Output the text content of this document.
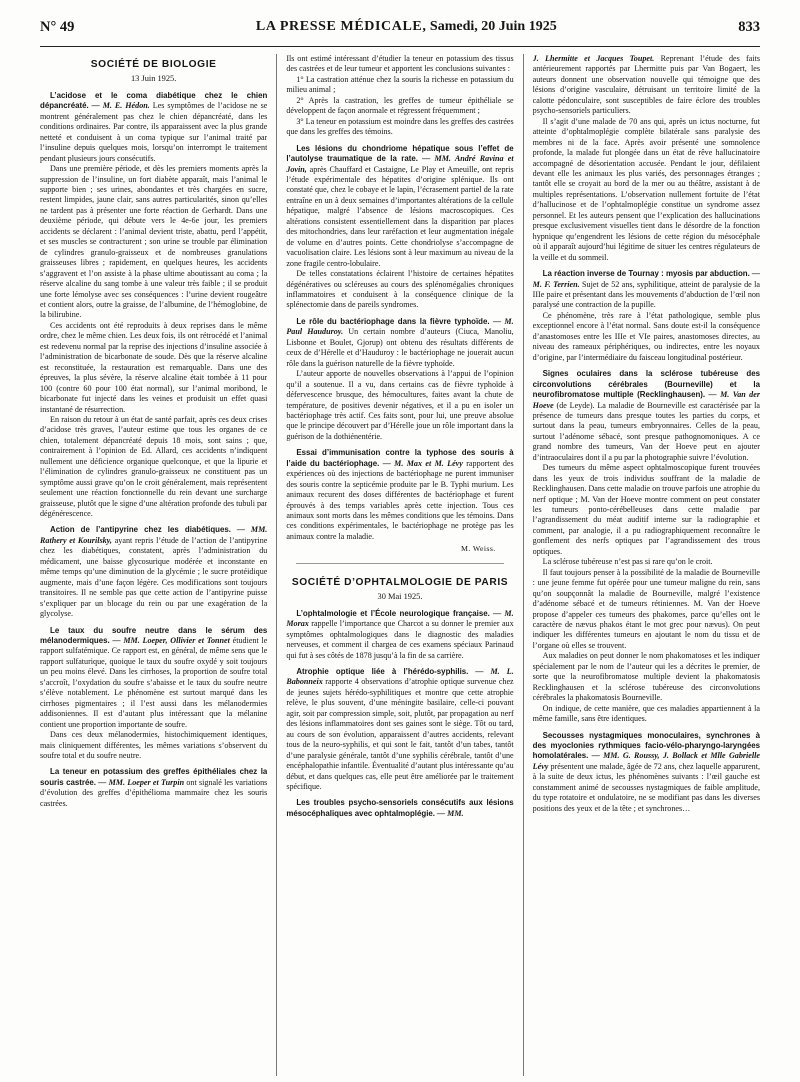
N° 49	LA PRESSE MÉDICALE, Samedi, 20 Juin 1925	833
SOCIÉTÉ DE BIOLOGIE
13 Juin 1925.

L’acidose et le coma diabétique chez le chien dépancréaté. — M. E. Hédon. Les symptômes de l’acidose ne se montrent généralement pas chez le chien dépancréaté, dans les conditions ordinaires. Par contre, ils apparaissent avec la plus grande netteté et conduisent à un coma typique sur l’animal traité par l’insuline depuis quelques mois, lorsqu’on interrompt le traitement pendant plusieurs jours consécutifs.

Dans une première période, et dès les premiers moments après la suppression de l’insuline, un fort diabète apparaît, mais l’animal le supporte bien ; ses urines, abondantes et très chargées en sucre, restent limpides, jaune clair, sans autres particularités, sinon qu’elles ne tardent pas à présenter une forte réaction de Gerhardt. Dans une deuxième période, qui débute vers le 4e-6e jour, les premiers accidents se déclarent : l’animal devient triste, abattu, perd l’appétit, et ses muscles se contracturent ; son urine se trouble par élimination de cylindres granulo-graisseux et de nombreuses granulations graisseuses libres ; rapidement, en quelques heures, les accidents s’aggravent et l’on assiste à la phase ultime aboutissant au coma ; la réserve alcaline du sang tombe à une valeur très faible ; il se produit une forte lémolyse avec ses conséquences : l’urine devient rougeâtre et contient alors, outre la graisse, de l’albumine, de l’hémoglobine, de la bilirubine.

Ces accidents ont été reproduits à deux reprises dans le même ordre, chez le même chien. Les deux fois, ils ont rétrocédé et l’animal est redevenu normal par la reprise des injections d’insuline associée à l’administration de bicarbonate de soude. Dès que la réserve alcaline est reconstituée, la restauration est remarquable. Dans une des épreuves, la plus sévère, la réserve alcaline était tombée à 11 pour 100 (contre 60 pour 100 état normal), sur l’animal moribond, le bicarbonate fut injecté dans les veines et produisit un effet quasi instantané de résurrection.

En raison du retour à un état de santé parfait, après ces deux crises d’acidose très graves, l’auteur estime que tous les organes de ce chien, totalement dépancréaté depuis 18 mois, sont sains ; que, contrairement à l’opinion de Ed. Allard, ces accidents n’indiquent nullement une déficience organique quelconque, et que la lipurie et l’élimination de cylindres granulo-graisseux ne constituent pas un symptôme aussi grave qu’on le croit généralement, mais représentent seulement une réaction fonctionnelle du rein devant une surcharge graisseuse, plutôt que le signe d’une altération profonde des tubuli par dégénérescence.

Action de l’antipyrine chez les diabétiques. — MM. Rathery et Kourilsky, ayant repris l’étude de l’action de l’antipyrine chez les diabétiques, constatent, après l’administration du médicament, une baisse glycosurique modérée et inconstante en même temps qu’une diminution de la glycémie ; le sucre protéidique augmente, mais d’une façon légère. Ces modifications sont toujours transitoires. Il ne semble pas que cette action de l’antipyrine puisse s’expliquer par un blocage du rein ou par une exagération de la glycolyse.

Le taux du soufre neutre dans le sérum des mélanodermiques. — MM. Loeper, Ollivier et Tonnet étudient le rapport sulfatémique. Ce rapport est, en général, de même sens que le rapport sulfaturique, quoique le taux du soufre oxydé y soit toujours un peu moins élevé. Dans les cirrhoses, la proportion de soufre total s’accroît, l’oxydation du soufre s’abaisse et le taux du soufre neutre s’élève notablement. Le phénomène est surtout marqué dans les cirrhoses pigmentaires ; il l’est aussi dans les mélanodermies addisoniennes. Il est d’autant plus intéressant que la mélanine contient une proportion importante de soufre.

Dans ces deux mélanodermies, histochimiquement identiques, mais cliniquement différentes, les mêmes variations s’observent du soufre total et du soufre neutre.

La teneur en potassium des greffes épithéliales chez la souris castrée. — MM. Loeper et Turpin ont signalé les variations d’évolution des greffes d’épithélioma mammaire chez les souris castrées.

Ils ont estimé intéressant d’étudier la teneur en potassium des tissus des castrées et de leur tumeur et apportent les conclusions suivantes :

1° La castration atténue chez la souris la richesse en potassium du milieu animal ;

2° Après la castration, les greffes de tumeur épithéliale se développent de façon anormale et régressent fréquemment ;

3° La teneur en potassium est moindre dans les greffes des castrées que dans les greffes des témoins.

Les lésions du chondriome hépatique sous l’effet de l’autolyse traumatique de la rate. — MM. André Ravina et Jovin, après Chauffard et Castaigne, Le Play et Ameuille, ont repris l’étude expérimentale des hépatites d’origine splénique. Ils ont constaté que, chez le cobaye et le lapin, l’écrasement partiel de la rate entraîne en un à deux semaines d’importantes altérations de la cellule hépatique, malgré l’absence de lésions macroscopiques. Ces altérations consistent essentiellement dans la disparition par places des mitochondries, dans leur raréfaction et leur augmentation inégale de volume en d’autres points. Cette chondriolyse s’accompagne de vacuolisation claire. Les lésions sont à leur maximum au niveau de la zone fragile centro-lobulaire.

De telles constatations éclairent l’histoire de certaines hépatites dégénératives ou scléreuses au cours des splénomégalies chroniques inflammatoires et conduisent à la conséquence clinique de la splénectomie dans de pareils syndromes.

Le rôle du bactériophage dans la fièvre typhoïde. — M. Paul Hauduroy. Un certain nombre d’auteurs (Ciuca, Manoliu, Lisbonne et Boulet, Gjorup) ont obtenu des résultats différents de ceux de d’Hérelle et d’Hauduroy : le bactériophage ne jouerait aucun rôle dans la guérison naturelle de la fièvre typhoïde.

L’auteur apporte de nouvelles observations à l’appui de l’opinion qu’il a soutenue. Il a vu, dans certains cas de fièvre typhoïde à défervescence brusque, des hémocultures, faites avant la chute de température, de positives devenir négatives, et il a pu en isoler un bactériophage très actif. Ces faits sont, pour lui, une preuve absolue que le principe découvert par d’Hérelle joue un rôle important dans la guérison de la dothiénentérie.

Essai d’immunisation contre la typhose des souris à l’aide du bactériophage. — M. Max et M. Lévy rapportent des expériences où des injections de bactériophage ne purent immuniser des souris contre la septicémie produite par le B. Typhi murium. Les animaux recurent des doses différentes de bactériophage et furent éprouvés à des temps variables après cette injection. Tous ces animaux sont morts dans les mêmes conditions que les témoins. Dans ces conditions expérimentales, le bactériophage ne protège pas les animaux contre la maladie.

M. Weiss.
SOCIÉTÉ D’OPHTALMOLOGIE DE PARIS
30 Mai 1925.

L’ophtalmologie et l’École neurologique française. — M. Morax rappelle l’importance que Charcot a su donner le premier aux symptômes ophtalmologiques dans le diagnostic des maladies nerveuses, et comment il chargea de ces examens spéciaux Parinaud qui fut à ses côtés de 1878 jusqu’à la fin de sa carrière.

Atrophie optique liée à l’hérédo-syphilis. — M. L. Babonneix rapporte 4 observations d’atrophie optique survenue chez de jeunes sujets hérédo-syphilitiques et montre que cette atrophie relève, le plus souvent, d’une méningite basilaire, celle-ci pouvant agir, soit par compression simple, soit, plutôt, par propagation au nerf des lésions inflammatoires dont ses gaines sont le siège. Tôt ou tard, au cours de son évolution, apparaissent d’autres accidents, relevant tous de la neuro-syphilis, et qui sont le fait, tantôt d’un tabes, tantôt d’une paralysie générale, tantôt d’une syphilis cérébrale, tantôt d’une encéphalopathie infantile. Éventualité d’autant plus intéressante qu’au début, et dans quelques cas, elle peut être améliorée par le traitement spécifique.

Les troubles psycho-sensoriels consécutifs aux lésions mésocéphaliques avec ophtalmoplégie. — MM.

J. Lhermitte et Jacques Toupet. Reprenant l’étude des faits antérieurement rapportés par Lhermitte puis par Van Bogaert, les auteurs donnent une observation nouvelle qui témoigne que des lésions d’origine vasculaire, détruisant un territoire limité de la calotte pédonculaire, sont susceptibles de faire éclore des troubles psycho-sensoriels particuliers.

Il s’agit d’une malade de 70 ans qui, après un ictus nocturne, fut atteinte d’ophtalmoplégie complète bilatérale sans paralysie des membres ni de la face. Après avoir présenté une somnolence profonde, la malade fut plongée dans un état de rêve hallucinatoire accompagné de désorientation accusée. Pendant le jour, défilaient devant elle les animaux les plus variés, des personnages étranges ; tantôt elle se croyait au bord de la mer ou au théâtre, assistant à de multiples représentations. L’observation nullement fortuite de l’état d’hallucinose et de l’ophtalmoplégie constitue un syndrome assez personnel. Et les auteurs pensent que l’explication des hallucinations presque exclusivement visuelles tient dans le désordre de la fonction hypnique qu’engendrent les lésions de cette région du mésocéphale où il apparaît aujourd’hui légitime de situer les centres régulateurs de la veille et du sommeil.

La réaction inverse de Tournay : myosis par abduction. — M. F. Terrien. Sujet de 52 ans, syphilitique, atteint de paralysie de la IIIe paire et présentant dans les mouvements d’abduction de l’œil non paralysé une contraction de la pupille.

Ce phénomène, très rare à l’état pathologique, semble plus exceptionnel encore à l’état normal. Sans doute est-il la conséquence d’anastomoses entre les IIIe et VIe paires, anastomoses directes, au niveau des rameaux périphériques, ou indirectes, entre les noyaux d’origine, par l’intermédiaire du faisceau longitudinal postérieur.

Signes oculaires dans la sclérose tubéreuse des circonvolutions cérébrales (Bourneville) et la neurofibromatose multiple (Recklinghausen). — M. Van der Hoeve (de Leyde). La maladie de Bourneville est caractérisée par la présence de tumeurs dans presque toutes les parties du corps, et surtout dans la peau, tumeurs embryonnaires. Celles de la peau, surtout l’adénome sébacé, sont presque pathognomoniques. A ce grand nombre des tumeurs, Van der Hoeve peut en ajouter d’intraoculaires dont il a pu par la photographie suivre l’évolution.

Des tumeurs du même aspect ophtalmoscopique furent trouvées dans les yeux de trois individus souffrant de la maladie de Recklinghausen. Dans cette maladie on trouve parfois une atrophie du nerf optique ; M. Van der Hoeve montre comment on peut constater les tumeurs ponto-cérébelleuses dans cette maladie par l’agrandissement du méat auditif interne sur la radiographie et comment, par analogie, il a pu radiographiquement reconnaître le gonflement des nerfs optiques par l’agrandissement des trous optiques.

La sclérose tubéreuse n’est pas si rare qu’on le croit.

Il faut toujours penser à la possibilité de la maladie de Bourneville : une jeune femme fut opérée pour une tumeur maligne du rein, sans qu’on soupçonnât la maladie de Bourneville, malgré l’existence d’adénome sébacé et de tumeurs rétiniennes. M. Van der Hoeve propose d’appeler ces tumeurs des phakomes, parce qu’elles ont le caractère de nævus phakos étant le mot grec pour nævus). On peut indiquer les différentes tumeurs en ajoutant le nom du tissu et de l’organe où elles se trouvent.

Aux maladies on peut donner le nom phakomatoses et les indiquer spécialement par le nom de l’auteur qui les a décrites le premier, de sorte que la neurofibromatose multiple devient la phakomatosis Recklinghausen et la sclérose tubéreuse des circonvolutions cérébrales la phakomatosis Bourneville.

On indique, de cette manière, que ces maladies appartiennent à la même famille, sans être identiques.

Secousses nystagmiques monoculaires, synchrones à des myoclonies rythmiques facio-vélo-pharyngo-laryngées homolatérales. — MM. G. Roussy, J. Bollack et Mlle Gabrielle Lévy présentent une malade, âgée de 72 ans, chez laquelle apparurent, à la suite de deux ictus, les phénomènes suivants : l’œil gauche est constamment animé de secousses nystagmiques de faible amplitude, du type rotatoire et ondulatoire, ne se modifiant pas dans les diverses positions des yeux et de la tête ; et synchrones…
